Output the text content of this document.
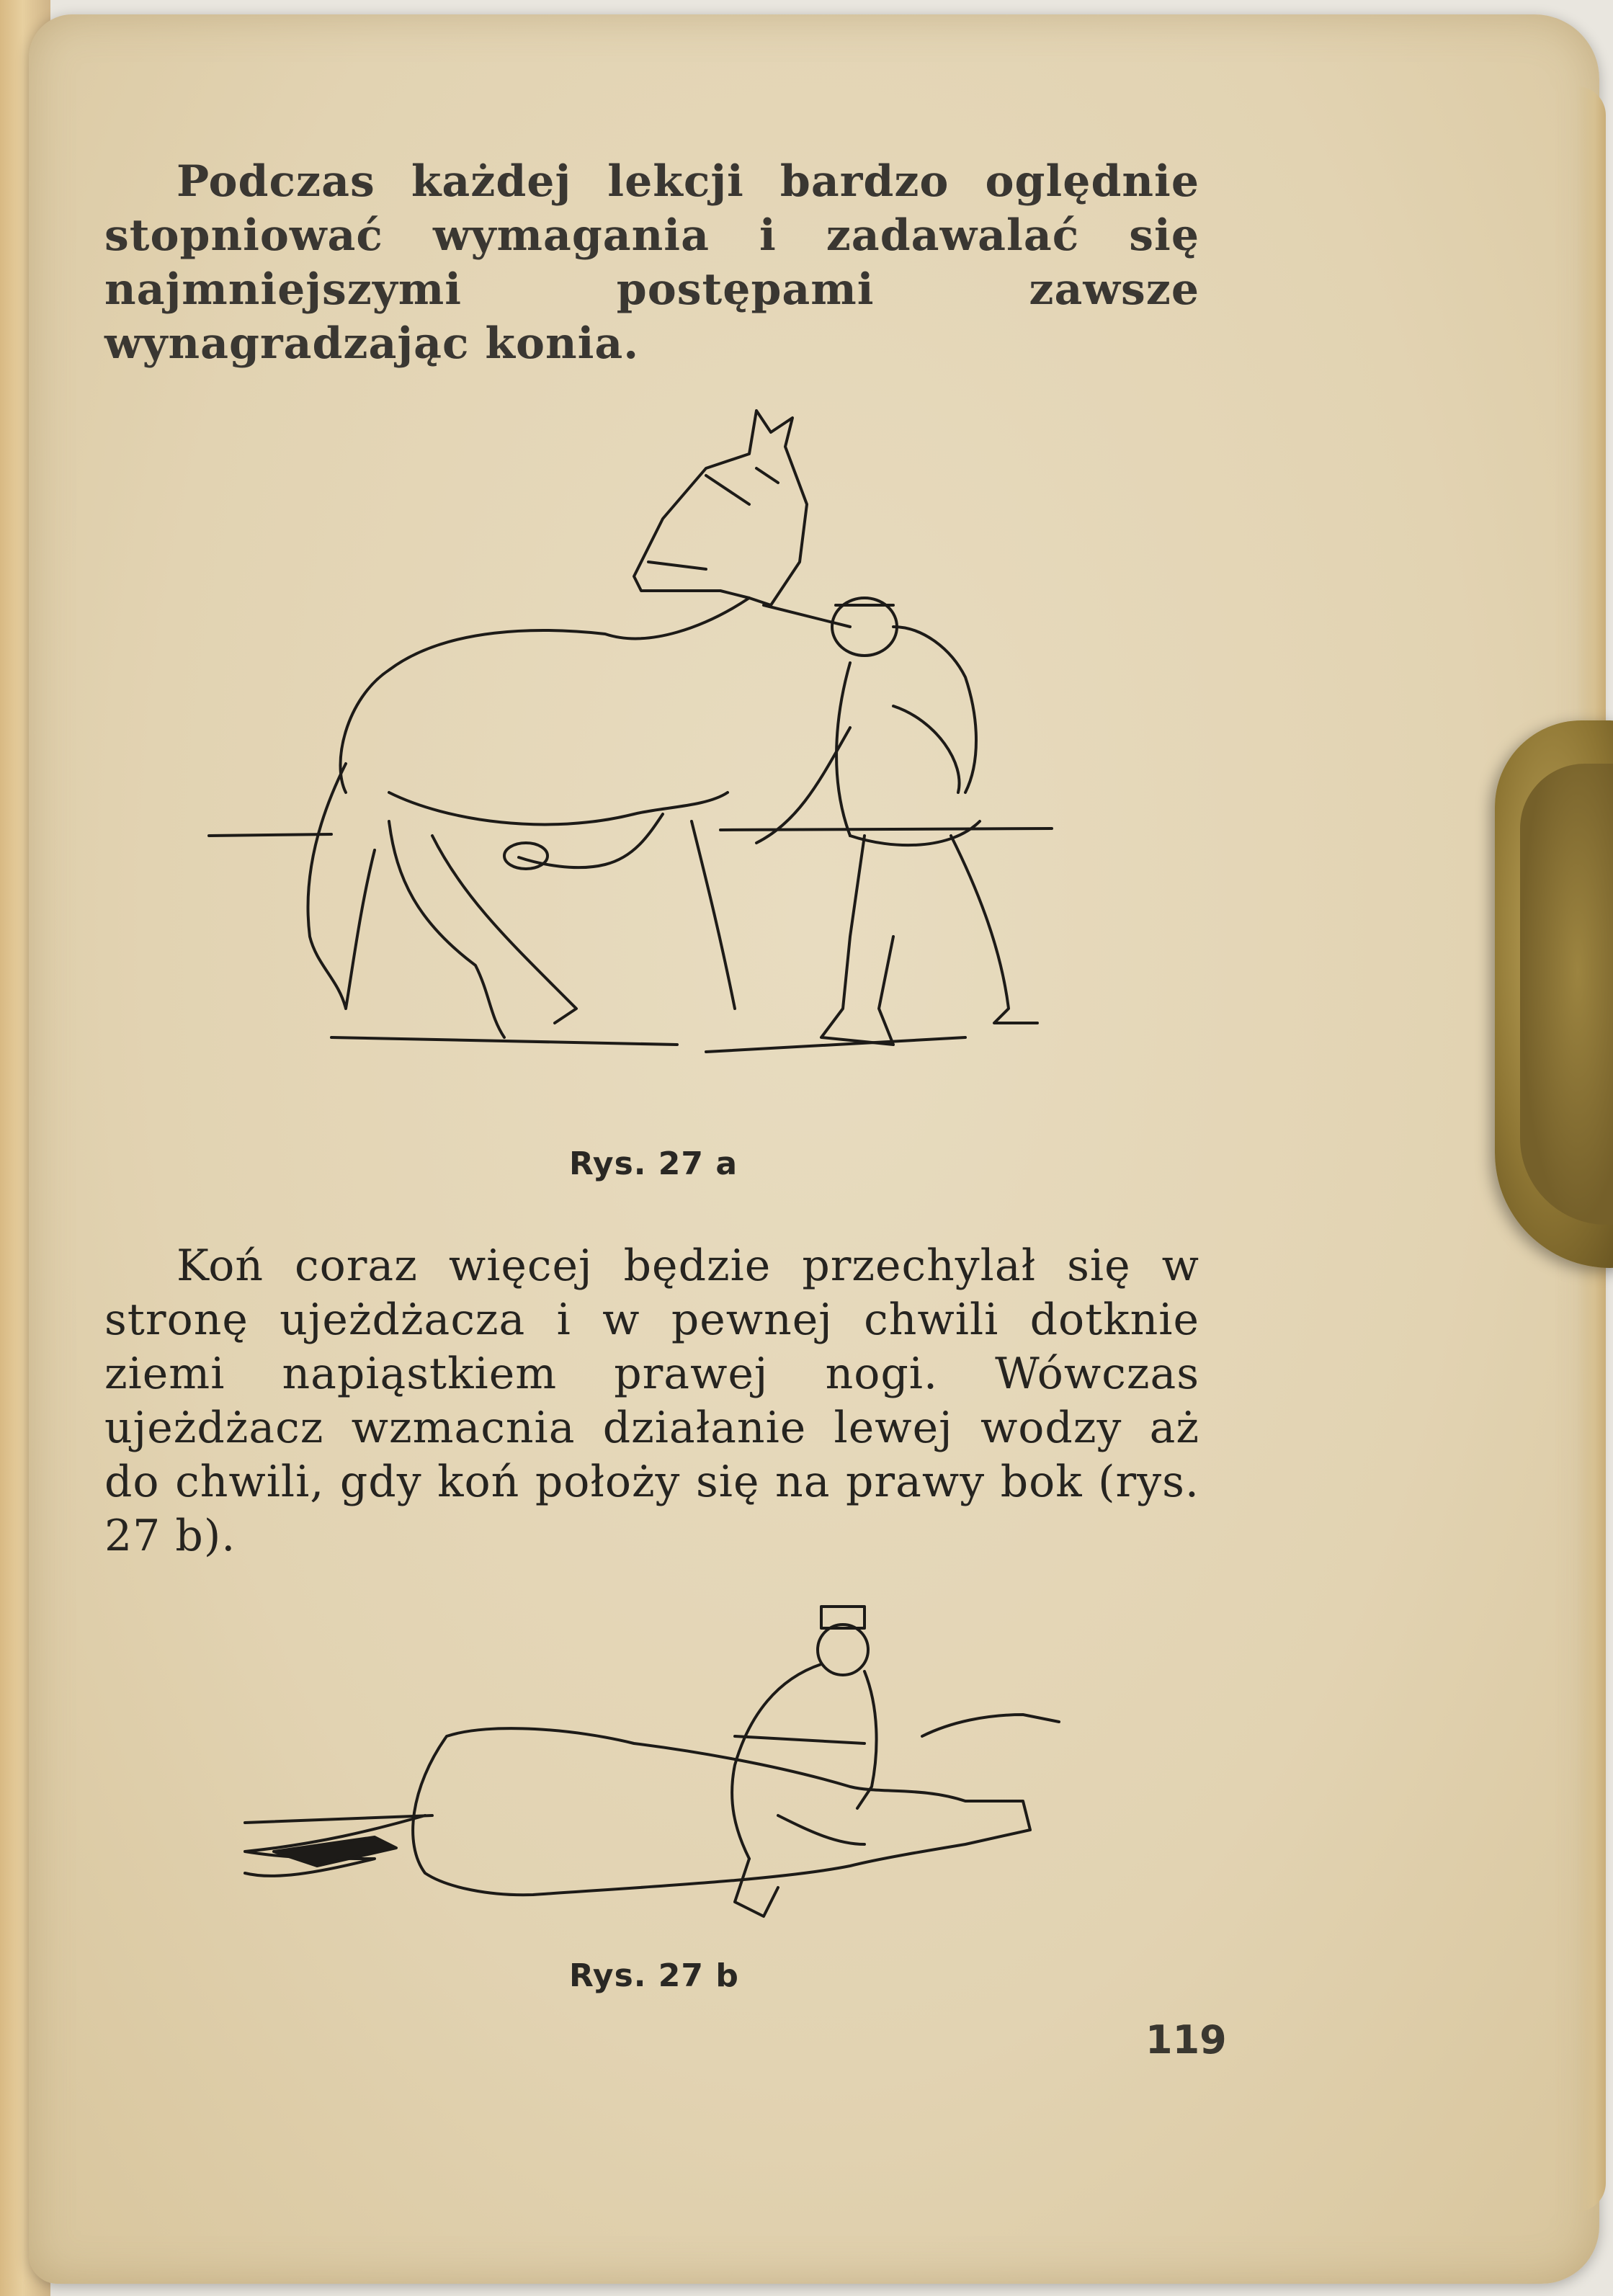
Podczas każdej lekcji bardzo oględnie stopniować wymagania i zadawalać się najmniejszymi postępami zawsze wynagradzając konia.

Rys. 27 a

Koń coraz więcej będzie przechylał się w stronę ujeżdżacza i w pewnej chwili dotknie ziemi napiąstkiem prawej nogi. Wówczas ujeżdżacz wzmacnia działanie lewej wodzy aż do chwili, gdy koń położy się na prawy bok (rys. 27 b).

Rys. 27 b
119
